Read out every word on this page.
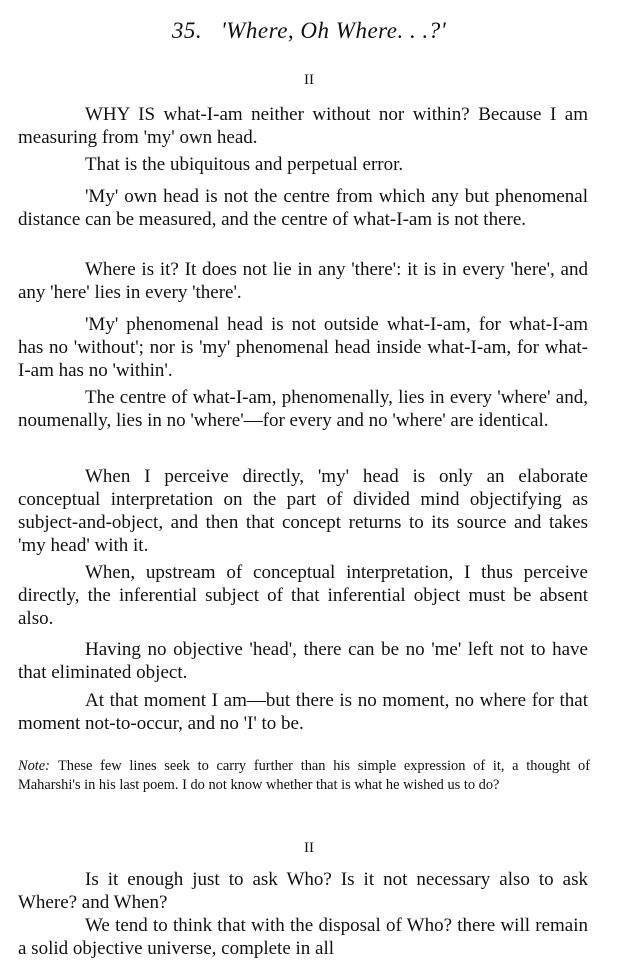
35. 'Where, Oh Where. . .?'
II

WHY IS what-I-am neither without nor within? Because I am measuring from 'my' own head.

That is the ubiquitous and perpetual error.

'My' own head is not the centre from which any but phenomenal distance can be measured, and the centre of what-I-am is not there.

Where is it? It does not lie in any 'there': it is in every 'here', and any 'here' lies in every 'there'.

'My' phenomenal head is not outside what-I-am, for what-I-am has no 'without'; nor is 'my' phenomenal head inside what-I-am, for what-I-am has no 'within'.

The centre of what-I-am, phenomenally, lies in every 'where' and, noumenally, lies in no 'where'—for every and no 'where' are identical.

When I perceive directly, 'my' head is only an elaborate conceptual interpretation on the part of divided mind objectifying as subject-and-object, and then that concept returns to its source and takes 'my head' with it.

When, upstream of conceptual interpretation, I thus perceive directly, the inferential subject of that inferential object must be absent also.

Having no objective 'head', there can be no 'me' left not to have that eliminated object.

At that moment I am—but there is no moment, no where for that moment not-to-occur, and no 'I' to be.

Note: These few lines seek to carry further than his simple expression of it, a thought of Maharshi's in his last poem. I do not know whether that is what he wished us to do?

II

Is it enough just to ask Who? Is it not necessary also to ask Where? and When?

We tend to think that with the disposal of Who? there will remain a solid objective universe, complete in all
